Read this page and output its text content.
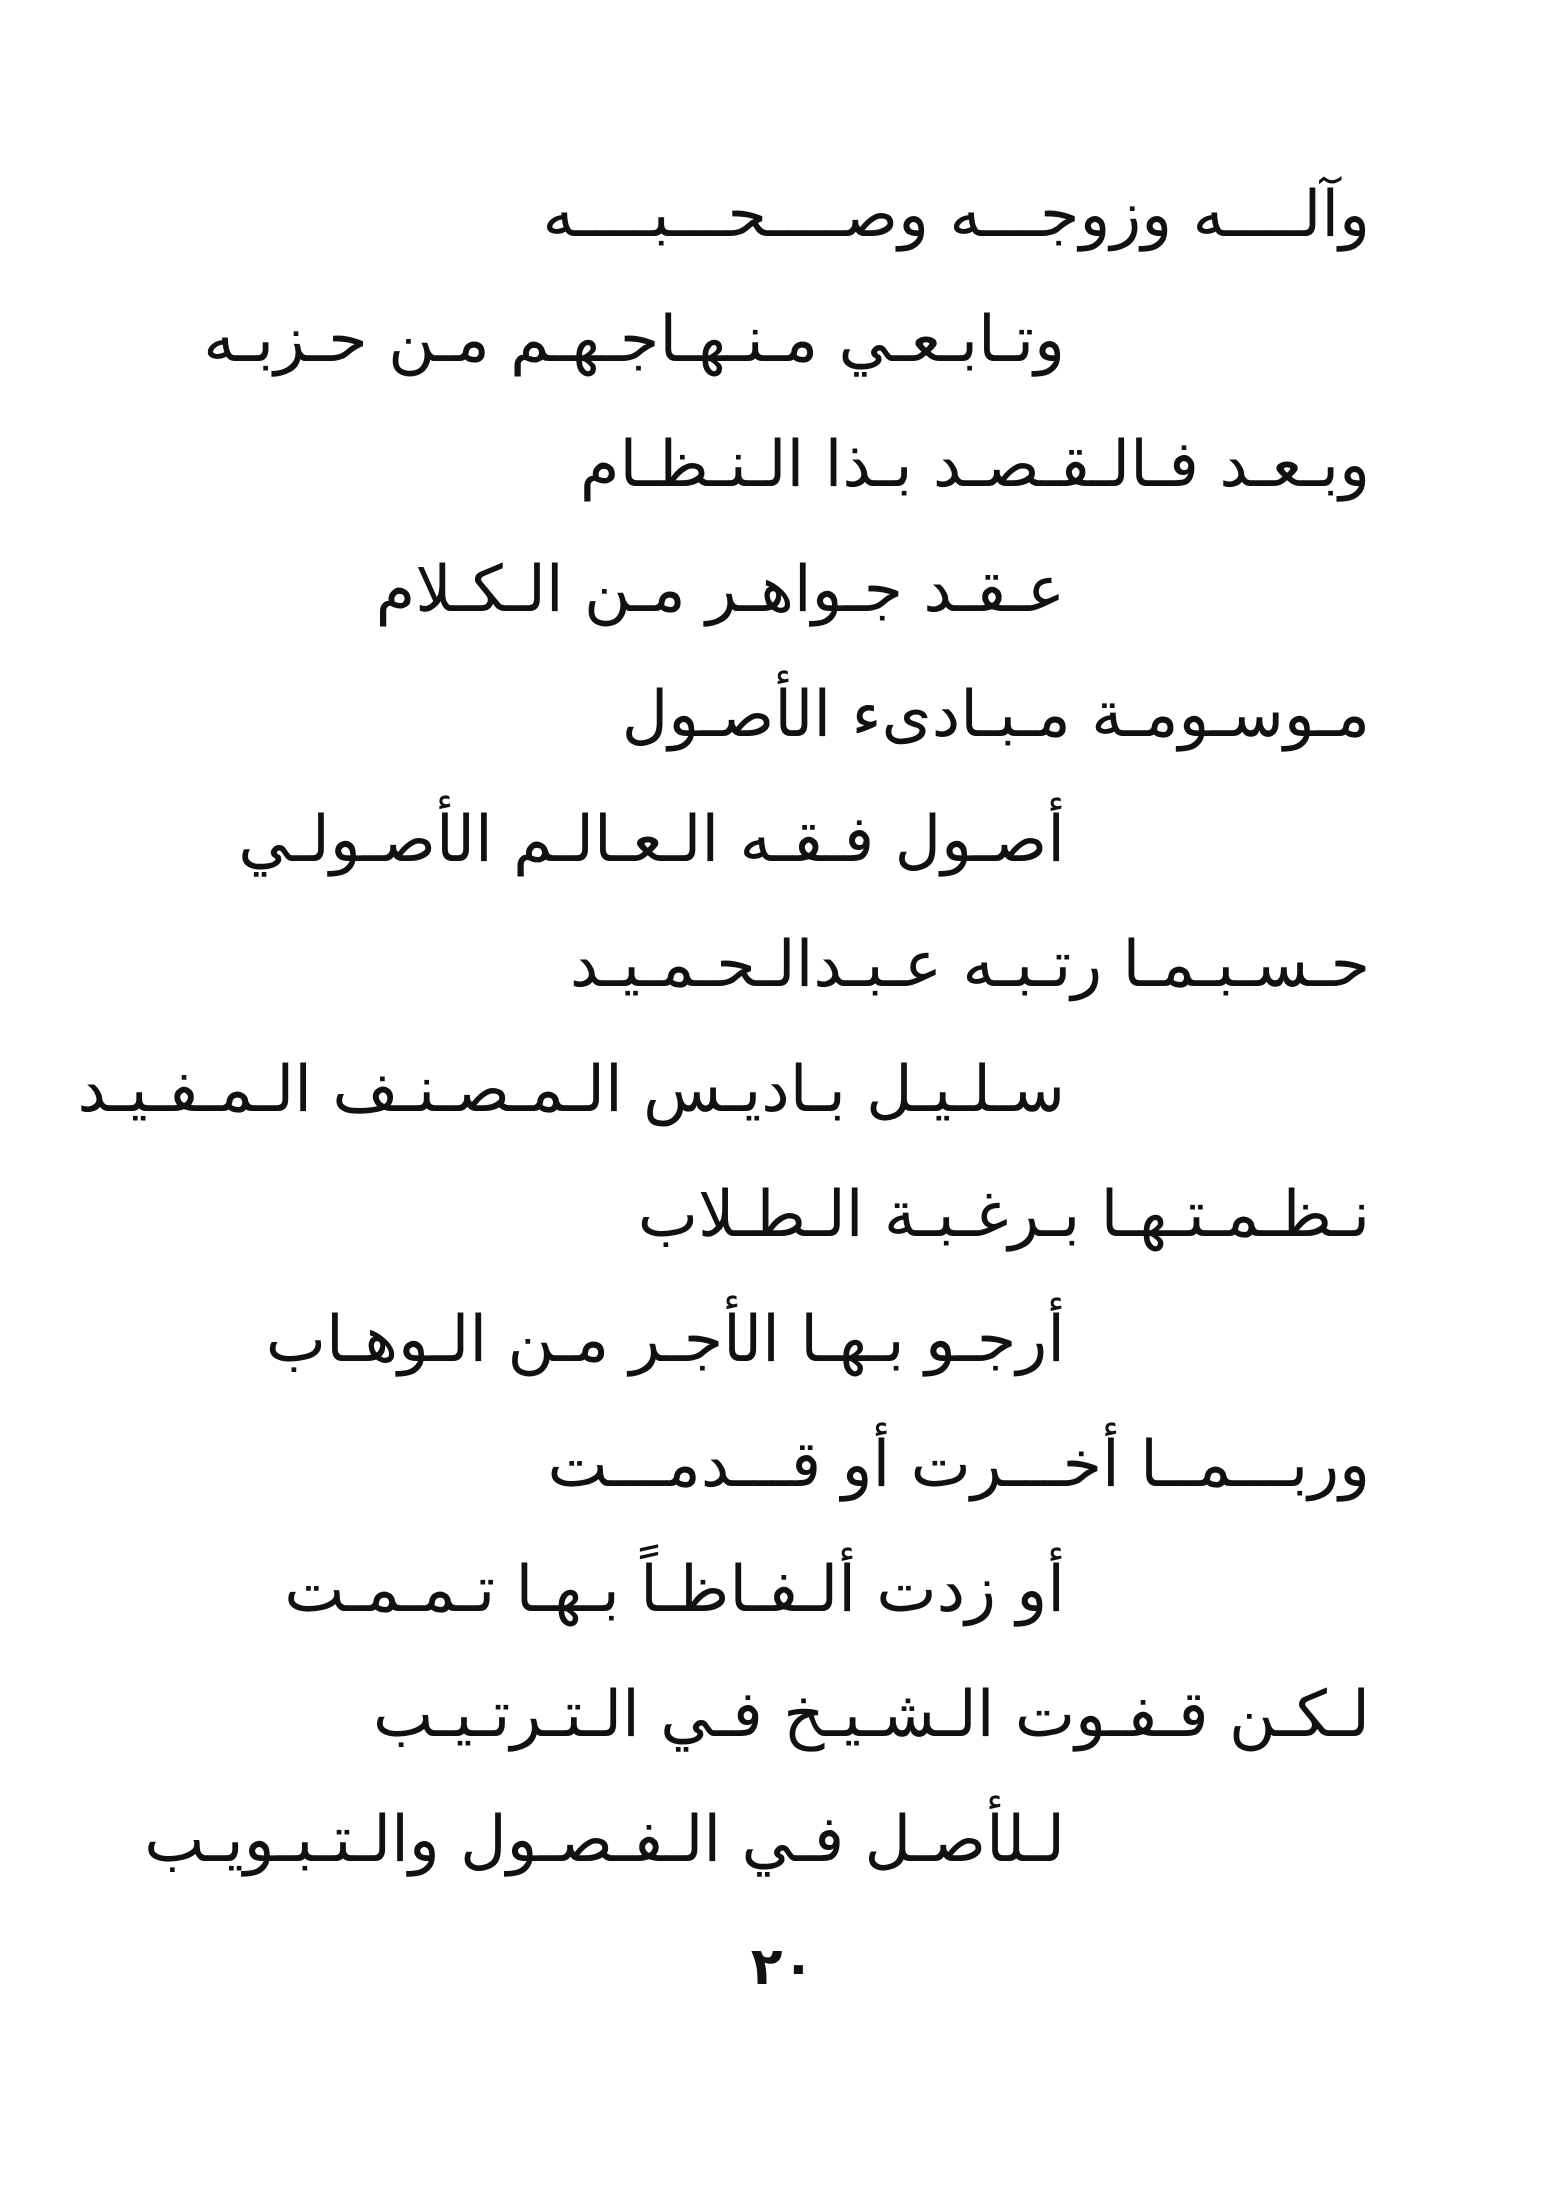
وآلــــه وزوجـــه وصــــحـــبــــه
وتـابـعـي مـنـهـاجـهـم مـن حـزبـه
وبـعـد فـالـقـصـد بـذا الـنـظـام
عـقـد جـواهـر مـن الـكـلام
مـوسـومـة مـبـادىء الأصـول
أصـول فـقـه الـعـالـم الأصـولـي
حـسـبـمـا رتـبـه عـبـدالـحـمـيـد
سـلـيـل بـاديـس الـمـصـنـف الـمـفـيـد
نـظـمـتـهـا بـرغـبـة الـطـلاب
أرجـو بـهـا الأجـر مـن الـوهـاب
وربـــمــا أخـــرت أو قـــدمـــت
أو زدت ألـفـاظـاً بـهـا تـمـمـت
لـكـن قـفـوت الـشـيـخ فـي الـتـرتـيـب
لـلأصـل فـي الـفـصـول والـتـبـويـب
٢٠
